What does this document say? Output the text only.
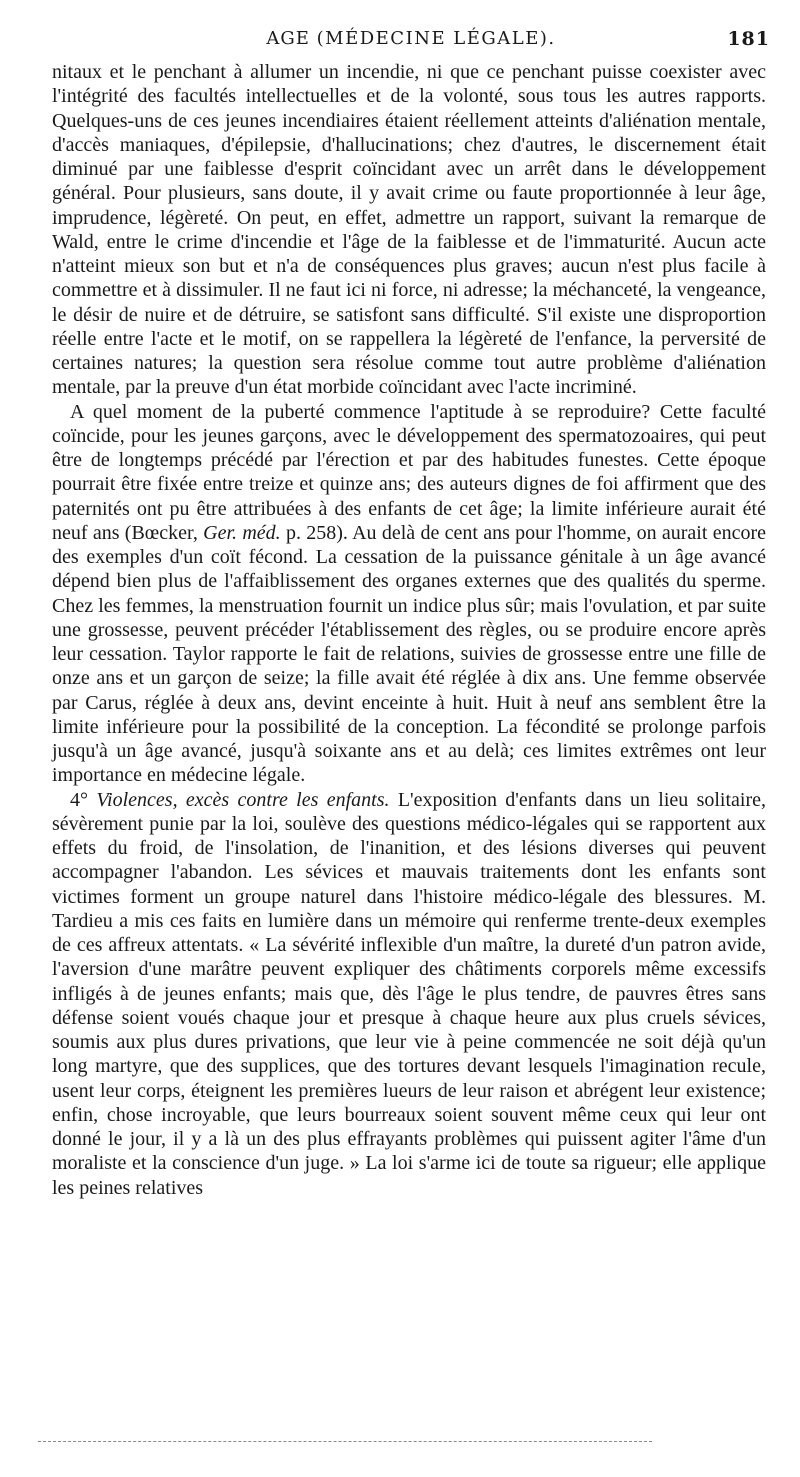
AGE (MÉDECINE LÉGALE).	181

nitaux et le penchant à allumer un incendie, ni que ce penchant puisse coexister avec l'intégrité des facultés intellectuelles et de la volonté, sous tous les autres rapports. Quelques-uns de ces jeunes incendiaires étaient réellement atteints d'aliénation mentale, d'accès maniaques, d'épilepsie, d'hallucinations; chez d'autres, le discernement était diminué par une faiblesse d'esprit coïncidant avec un arrêt dans le développement général. Pour plusieurs, sans doute, il y avait crime ou faute proportionnée à leur âge, imprudence, légèreté. On peut, en effet, admettre un rapport, suivant la remarque de Wald, entre le crime d'incendie et l'âge de la faiblesse et de l'immaturité. Aucun acte n'atteint mieux son but et n'a de conséquences plus graves; aucun n'est plus facile à commettre et à dissimuler. Il ne faut ici ni force, ni adresse; la méchanceté, la vengeance, le désir de nuire et de détruire, se satisfont sans difficulté. S'il existe une disproportion réelle entre l'acte et le motif, on se rappellera la légèreté de l'enfance, la perversité de certaines natures; la question sera résolue comme tout autre problème d'aliénation mentale, par la preuve d'un état morbide coïncidant avec l'acte incriminé.

A quel moment de la puberté commence l'aptitude à se reproduire? Cette faculté coïncide, pour les jeunes garçons, avec le développement des spermatozoaires, qui peut être de longtemps précédé par l'érection et par des habitudes funestes. Cette époque pourrait être fixée entre treize et quinze ans; des auteurs dignes de foi affirment que des paternités ont pu être attribuées à des enfants de cet âge; la limite inférieure aurait été neuf ans (Bœcker, Ger. méd. p. 258). Au delà de cent ans pour l'homme, on aurait encore des exemples d'un coït fécond. La cessation de la puissance génitale à un âge avancé dépend bien plus de l'affaiblissement des organes externes que des qualités du sperme. Chez les femmes, la menstruation fournit un indice plus sûr; mais l'ovulation, et par suite une grossesse, peuvent précéder l'établissement des règles, ou se produire encore après leur cessation. Taylor rapporte le fait de relations, suivies de grossesse entre une fille de onze ans et un garçon de seize; la fille avait été réglée à dix ans. Une femme observée par Carus, réglée à deux ans, devint enceinte à huit. Huit à neuf ans semblent être la limite inférieure pour la possibilité de la conception. La fécondité se prolonge parfois jusqu'à un âge avancé, jusqu'à soixante ans et au delà; ces limites extrêmes ont leur importance en médecine légale.

4° Violences, excès contre les enfants. L'exposition d'enfants dans un lieu solitaire, sévèrement punie par la loi, soulève des questions médico-légales qui se rapportent aux effets du froid, de l'insolation, de l'inanition, et des lésions diverses qui peuvent accompagner l'abandon. Les sévices et mauvais traitements dont les enfants sont victimes forment un groupe naturel dans l'histoire médico-légale des blessures. M. Tardieu a mis ces faits en lumière dans un mémoire qui renferme trente-deux exemples de ces affreux attentats. « La sévérité inflexible d'un maître, la dureté d'un patron avide, l'aversion d'une marâtre peuvent expliquer des châtiments corporels même excessifs infligés à de jeunes enfants; mais que, dès l'âge le plus tendre, de pauvres êtres sans défense soient voués chaque jour et presque à chaque heure aux plus cruels sévices, soumis aux plus dures privations, que leur vie à peine commencée ne soit déjà qu'un long martyre, que des supplices, que des tortures devant lesquels l'imagination recule, usent leur corps, éteignent les premières lueurs de leur raison et abrégent leur existence; enfin, chose incroyable, que leurs bourreaux soient souvent même ceux qui leur ont donné le jour, il y a là un des plus effrayants problèmes qui puissent agiter l'âme d'un moraliste et la conscience d'un juge. » La loi s'arme ici de toute sa rigueur; elle applique les peines relatives
